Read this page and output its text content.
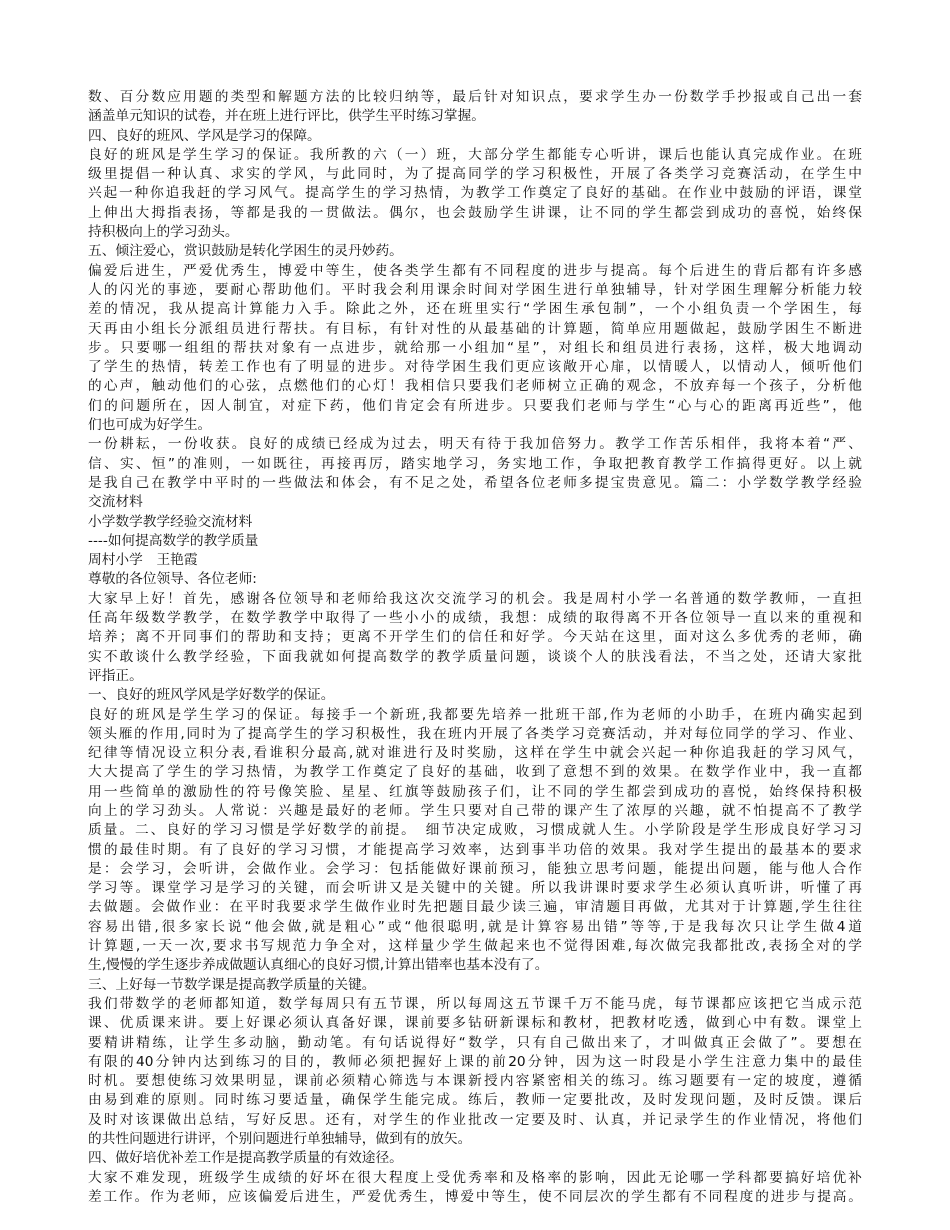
数、百分数应用题的类型和解题方法的比较归纳等，最后针对知识点，要求学生办一份数学手抄报或自己出一套
涵盖单元知识的试卷，并在班上进行评比，供学生平时练习掌握。
四、良好的班风、学风是学习的保障。
良好的班风是学生学习的保证。我所教的六（一）班，大部分学生都能专心听讲，课后也能认真完成作业。在班
级里提倡一种认真、求实的学风，与此同时，为了提高同学的学习积极性，开展了各类学习竞赛活动，在学生中
兴起一种你追我赶的学习风气。提高学生的学习热情，为教学工作奠定了良好的基础。在作业中鼓励的评语，课堂
上伸出大拇指表扬，等都是我的一贯做法。偶尔，也会鼓励学生讲课，让不同的学生都尝到成功的喜悦，始终保
持积极向上的学习劲头。
五、倾注爱心，赏识鼓励是转化学困生的灵丹妙药。
偏爱后进生，严爱优秀生，博爱中等生，使各类学生都有不同程度的进步与提高。每个后进生的背后都有许多感
人的闪光的事迹，要耐心帮助他们。平时我会利用课余时间对学困生进行单独辅导，针对学困生理解分析能力较
差的情况，我从提高计算能力入手。除此之外，还在班里实行“学困生承包制”，一个小组负责一个学困生，每
天再由小组长分派组员进行帮扶。有目标，有针对性的从最基础的计算题，简单应用题做起，鼓励学困生不断进
步。只要哪一组组的帮扶对象有一点进步，就给那一小组加“星”，对组长和组员进行表扬，这样，极大地调动
了学生的热情，转差工作也有了明显的进步。对待学困生我们更应该敞开心扉，以情暖人，以情动人，倾听他们
的心声，触动他们的心弦，点燃他们的心灯！我相信只要我们老师树立正确的观念，不放弃每一个孩子，分析他
们的问题所在，因人制宜，对症下药，他们肯定会有所进步。只要我们老师与学生“心与心的距离再近些”，他
们也可成为好学生。
一份耕耘，一份收获。良好的成绩已经成为过去，明天有待于我加倍努力。教学工作苦乐相伴，我将本着“严、
信、实、恒”的准则，一如既往，再接再厉，踏实地学习，务实地工作，争取把教育教学工作搞得更好。以上就
是我自己在教学中平时的一些做法和体会，有不足之处，希望各位老师多提宝贵意见。篇二：小学数学教学经验
交流材料
小学数学教学经验交流材料
----如何提高数学的教学质量
周村小学　王艳霞
尊敬的各位领导、各位老师:
大家早上好！首先，感谢各位领导和老师给我这次交流学习的机会。我是周村小学一名普通的数学教师，一直担
任高年级数学教学，在数学教学中取得了一些小小的成绩，我想：成绩的取得离不开各位领导一直以来的重视和
培养；离不开同事们的帮助和支持；更离不开学生们的信任和好学。今天站在这里，面对这么多优秀的老师，确
实不敢谈什么教学经验，下面我就如何提高数学的教学质量问题，谈谈个人的肤浅看法，不当之处，还请大家批
评指正。
一、良好的班风学风是学好数学的保证。
良好的班风是学生学习的保证。每接手一个新班,我都要先培养一批班干部,作为老师的小助手，在班内确实起到
领头雁的作用,同时为了提高学生的学习积极性，我在班内开展了各类学习竞赛活动，并对每位同学的学习、作业、
纪律等情况设立积分表,看谁积分最高,就对谁进行及时奖励，这样在学生中就会兴起一种你追我赶的学习风气，
大大提高了学生的学习热情，为教学工作奠定了良好的基础，收到了意想不到的效果。在数学作业中，我一直都
用一些简单的激励性的符号像笑脸、星星、红旗等鼓励孩子们，让不同的学生都尝到成功的喜悦，始终保持积极
向上的学习劲头。人常说：兴趣是最好的老师。学生只要对自己带的课产生了浓厚的兴趣，就不怕提高不了教学
质量。二、良好的学习习惯是学好数学的前提。　细节决定成败，习惯成就人生。小学阶段是学生形成良好学习习
惯的最佳时期。有了良好的学习习惯，才能提高学习效率，达到事半功倍的效果。我对学生提出的最基本的要求
是：会学习，会听讲，会做作业。会学习：包括能做好课前预习，能独立思考问题，能提出问题，能与他人合作
学习等。课堂学习是学习的关键，而会听讲又是关键中的关键。所以我讲课时要求学生必须认真听讲，听懂了再
去做题。会做作业：在平时我要求学生做作业时先把题目最少读三遍，审清题目再做，尤其对于计算题,学生往往
容易出错,很多家长说“他会做,就是粗心”或“他很聪明,就是计算容易出错”等等,于是我每次只让学生做4道
计算题,一天一次,要求书写规范力争全对，这样量少学生做起来也不觉得困难,每次做完我都批改,表扬全对的学
生,慢慢的学生逐步养成做题认真细心的良好习惯,计算出错率也基本没有了。
三、上好每一节数学课是提高教学质量的关键。
我们带数学的老师都知道，数学每周只有五节课，所以每周这五节课千万不能马虎，每节课都应该把它当成示范
课、优质课来讲。要上好课必须认真备好课，课前要多钻研新课标和教材，把教材吃透，做到心中有数。课堂上
要精讲精练，让学生多动脑，勤动笔。有句话说得好“数学，只有自己做出来了，才叫做真正会做了”。要想在
有限的40分钟内达到练习的目的，教师必须把握好上课的前20分钟，因为这一时段是小学生注意力集中的最佳
时机。要想使练习效果明显，课前必须精心筛选与本课新授内容紧密相关的练习。练习题要有一定的坡度，遵循
由易到难的原则。同时练习要适量，确保学生能完成。练后，教师一定要批改，及时发现问题，及时反馈。课后
及时对该课做出总结，写好反思。还有，对学生的作业批改一定要及时、认真，并记录学生的作业情况，将他们
的共性问题进行讲评，个别问题进行单独辅导，做到有的放矢。
四、做好培优补差工作是提高教学质量的有效途径。
大家不难发现，班级学生成绩的好坏在很大程度上受优秀率和及格率的影响，因此无论哪一学科都要搞好培优补
差工作。作为老师，应该偏爱后进生，严爱优秀生，博爱中等生，使不同层次的学生都有不同程度的进步与提高。
